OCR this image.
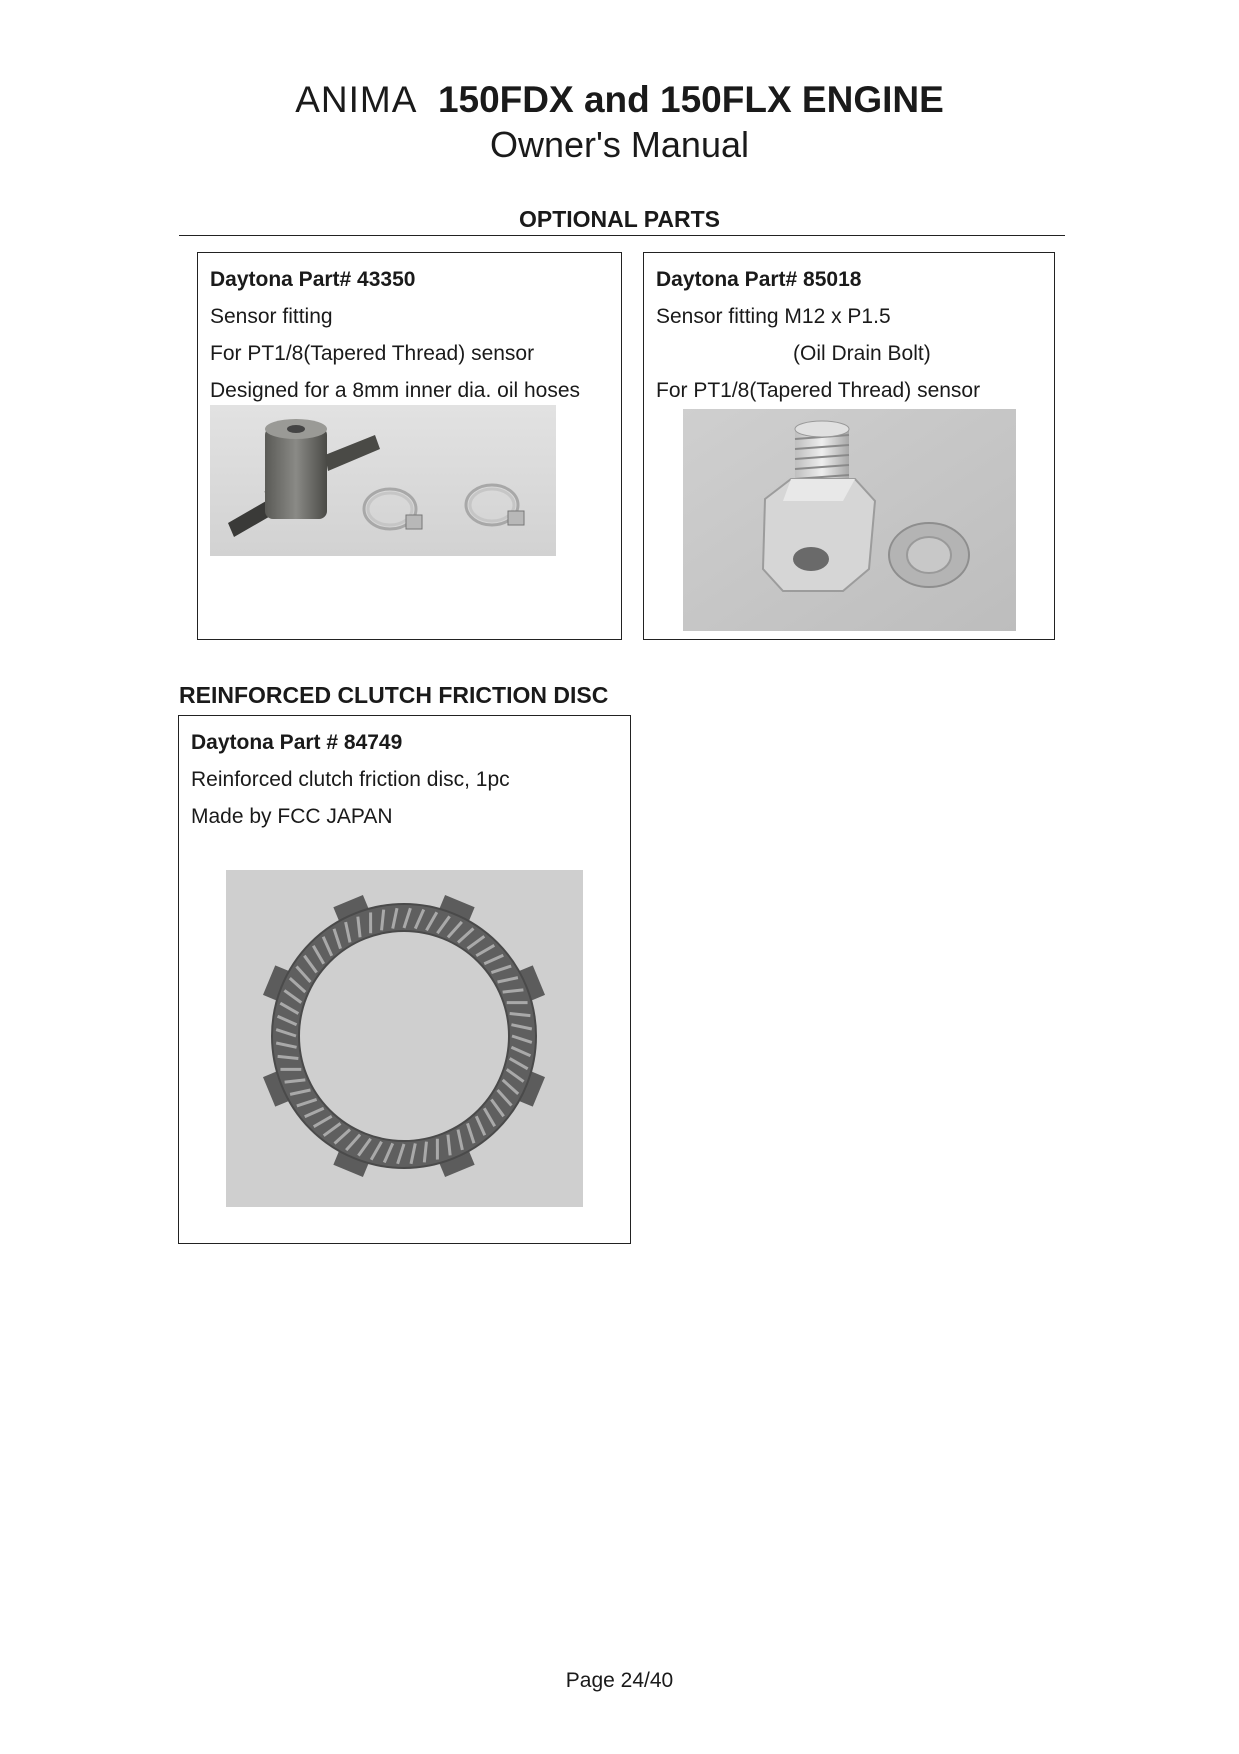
ANIMA 150FDX and 150FLX ENGINE
Owner's Manual
OPTIONAL PARTS
Daytona Part# 43350
Sensor fitting
For PT1/8(Tapered Thread) sensor
Designed for a 8mm inner dia. oil hoses
Daytona Part# 85018
Sensor fitting M12 x P1.5
(Oil Drain Bolt)
For PT1/8(Tapered Thread) sensor
REINFORCED CLUTCH FRICTION DISC
Daytona Part # 84749
Reinforced clutch friction disc, 1pc
Made by FCC JAPAN
Page 24/40
